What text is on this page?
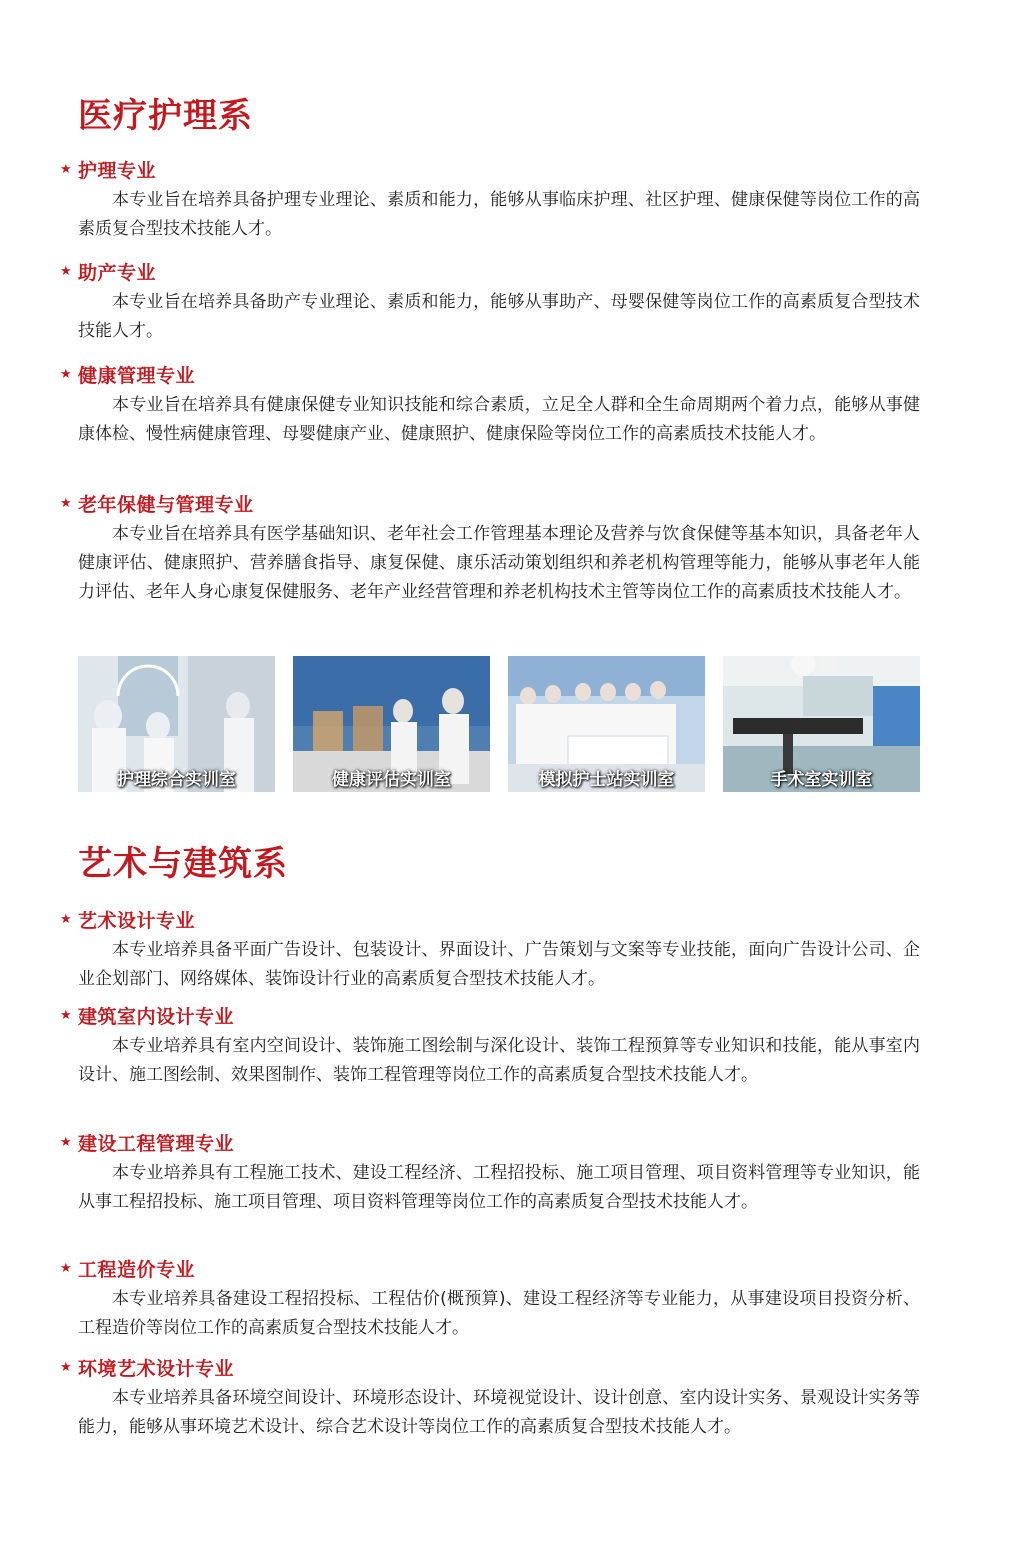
医疗护理系
★ 护理专业

本专业旨在培养具备护理专业理论、素质和能力，能够从事临床护理、社区护理、健康保健等岗位工作的高素质复合型技术技能人才。

★ 助产专业

本专业旨在培养具备助产专业理论、素质和能力，能够从事助产、母婴保健等岗位工作的高素质复合型技术技能人才。

★ 健康管理专业

本专业旨在培养具有健康保健专业知识技能和综合素质，立足全人群和全生命周期两个着力点，能够从事健康体检、慢性病健康管理、母婴健康产业、健康照护、健康保险等岗位工作的高素质技术技能人才。

★ 老年保健与管理专业

本专业旨在培养具有医学基础知识、老年社会工作管理基本理论及营养与饮食保健等基本知识，具备老年人健康评估、健康照护、营养膳食指导、康复保健、康乐活动策划组织和养老机构管理等能力，能够从事老年人能力评估、老年人身心康复保健服务、老年产业经营管理和养老机构技术主管等岗位工作的高素质技术技能人才。

护理综合实训室	健康评估实训室	模拟护士站实训室	手术室实训室
艺术与建筑系
★ 艺术设计专业

本专业培养具备平面广告设计、包装设计、界面设计、广告策划与文案等专业技能，面向广告设计公司、企业企划部门、网络媒体、装饰设计行业的高素质复合型技术技能人才。

★ 建筑室内设计专业

本专业培养具有室内空间设计、装饰施工图绘制与深化设计、装饰工程预算等专业知识和技能，能从事室内设计、施工图绘制、效果图制作、装饰工程管理等岗位工作的高素质复合型技术技能人才。

★ 建设工程管理专业

本专业培养具有工程施工技术、建设工程经济、工程招投标、施工项目管理、项目资料管理等专业知识，能从事工程招投标、施工项目管理、项目资料管理等岗位工作的高素质复合型技术技能人才。

★ 工程造价专业

本专业培养具备建设工程招投标、工程估价(概预算)、建设工程经济等专业能力，从事建设项目投资分析、工程造价等岗位工作的高素质复合型技术技能人才。

★ 环境艺术设计专业

本专业培养具备环境空间设计、环境形态设计、环境视觉设计、设计创意、室内设计实务、景观设计实务等能力，能够从事环境艺术设计、综合艺术设计等岗位工作的高素质复合型技术技能人才。
